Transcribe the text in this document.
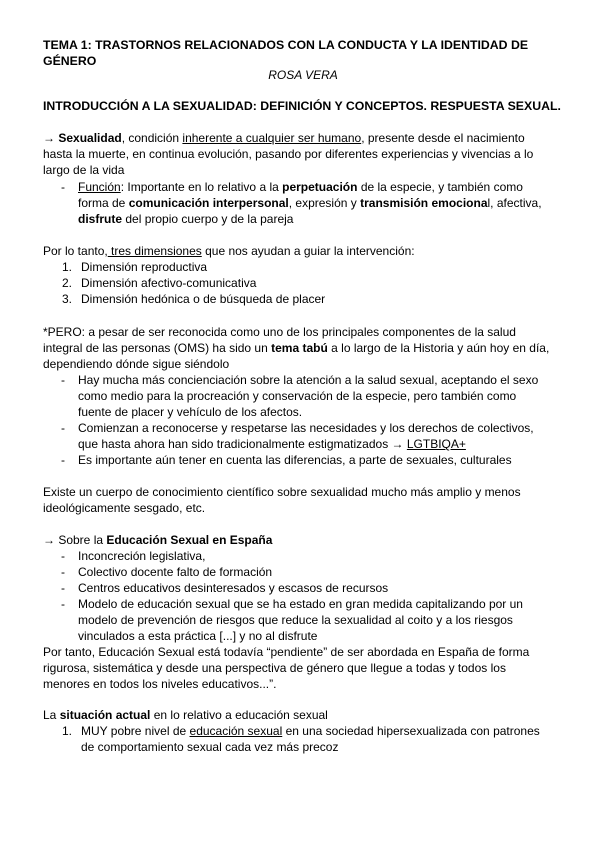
TEMA 1: TRASTORNOS RELACIONADOS CON LA CONDUCTA Y LA IDENTIDAD DE GÉNERO

ROSA VERA

INTRODUCCIÓN A LA SEXUALIDAD: DEFINICIÓN Y CONCEPTOS. RESPUESTA SEXUAL.

→ Sexualidad, condición inherente a cualquier ser humano, presente desde el nacimiento hasta la muerte, en continua evolución, pasando por diferentes experiencias y vivencias a lo largo de la vida

- Función: Importante en lo relativo a la perpetuación de la especie, y también como forma de comunicación interpersonal, expresión y transmisión emocional, afectiva, disfrute del propio cuerpo y de la pareja

Por lo tanto, tres dimensiones que nos ayudan a guiar la intervención:

1. Dimensión reproductiva
2. Dimensión afectivo-comunicativa
3. Dimensión hedónica o de búsqueda de placer

*PERO: a pesar de ser reconocida como uno de los principales componentes de la salud integral de las personas (OMS) ha sido un tema tabú a lo largo de la Historia y aún hoy en día, dependiendo dónde sigue siéndolo

- Hay mucha más concienciación sobre la atención a la salud sexual, aceptando el sexo como medio para la procreación y conservación de la especie, pero también como fuente de placer y vehículo de los afectos.
- Comienzan a reconocerse y respetarse las necesidades y los derechos de colectivos, que hasta ahora han sido tradicionalmente estigmatizados → LGTBIQA+
- Es importante aún tener en cuenta las diferencias, a parte de sexuales, culturales

Existe un cuerpo de conocimiento científico sobre sexualidad mucho más amplio y menos ideológicamente sesgado, etc.

→ Sobre la Educación Sexual en España

- Inconcreción legislativa,
- Colectivo docente falto de formación
- Centros educativos desinteresados y escasos de recursos
- Modelo de educación sexual que se ha estado en gran medida capitalizando por un modelo de prevención de riesgos que reduce la sexualidad al coito y a los riesgos vinculados a esta práctica [...] y no al disfrute

Por tanto, Educación Sexual está todavía “pendiente” de ser abordada en España de forma rigurosa, sistemática y desde una perspectiva de género que llegue a todas y todos los menores en todos los niveles educativos...”.

La situación actual en lo relativo a educación sexual

1. MUY pobre nivel de educación sexual en una sociedad hipersexualizada con patrones de comportamiento sexual cada vez más precoz
